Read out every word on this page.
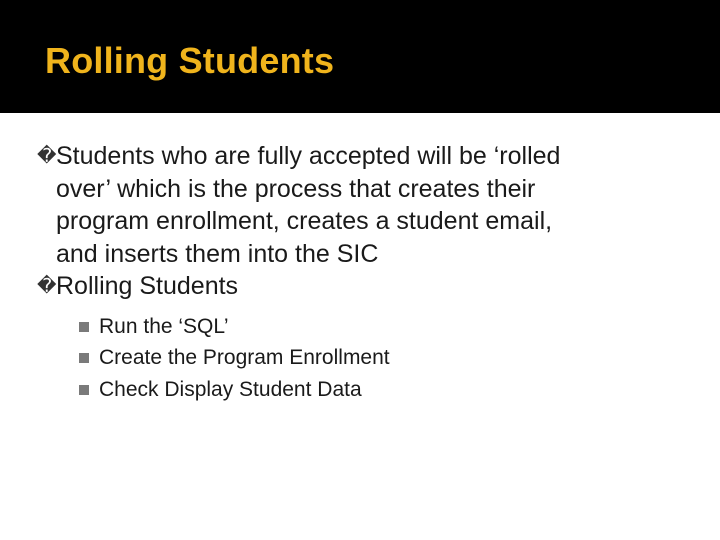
Rolling Students
� Students who are fully accepted will be ‘rolled
over’ which is the process that creates their
program enrollment, creates a student email,
and inserts them into the SIC
� Rolling Students
Run the ‘SQL’
Create the Program Enrollment
Check Display Student Data
